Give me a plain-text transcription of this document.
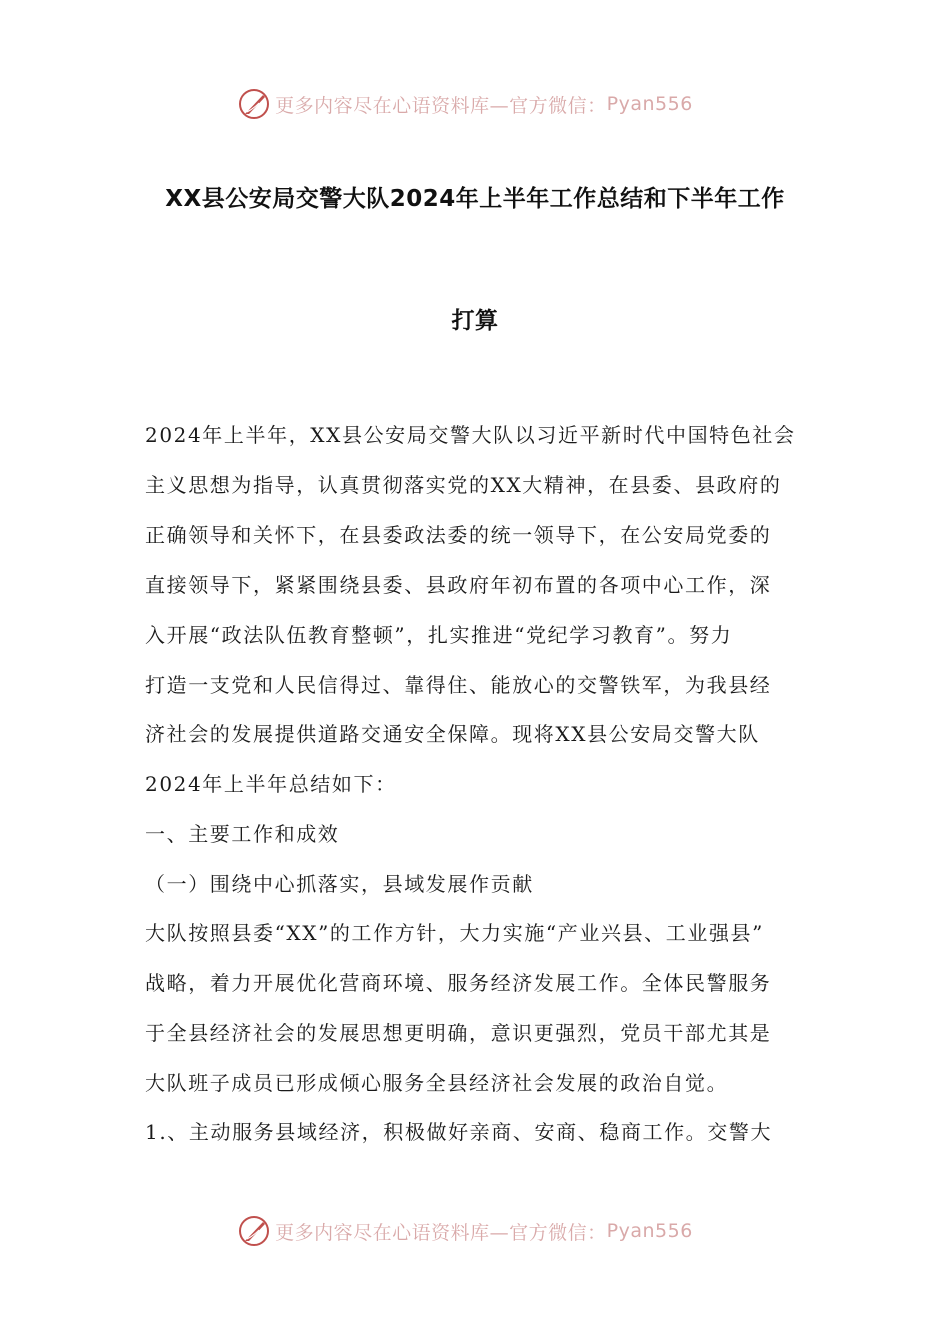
更多内容尽在心语资料库—官方微信： Pyan556
XX县公安局交警大队2024年上半年工作总结和下半年工作
打算
2024年上半年，XX县公安局交警大队以习近平新时代中国特色社会
主义思想为指导，认真贯彻落实党的XX大精神，在县委、县政府的
正确领导和关怀下，在县委政法委的统一领导下，在公安局党委的
直接领导下，紧紧围绕县委、县政府年初布置的各项中心工作，深
入开展“政法队伍教育整顿”，扎实推进“党纪学习教育”。努力
打造一支党和人民信得过、靠得住、能放心的交警铁军，为我县经
济社会的发展提供道路交通安全保障。现将XX县公安局交警大队
2024年上半年总结如下：
一、主要工作和成效
（一）围绕中心抓落实，县域发展作贡献
大队按照县委“XX”的工作方针，大力实施“产业兴县、工业强县”
战略，着力开展优化营商环境、服务经济发展工作。全体民警服务
于全县经济社会的发展思想更明确，意识更强烈，党员干部尤其是
大队班子成员已形成倾心服务全县经济社会发展的政治自觉。
1.、主动服务县域经济，积极做好亲商、安商、稳商工作。交警大
更多内容尽在心语资料库—官方微信： Pyan556
